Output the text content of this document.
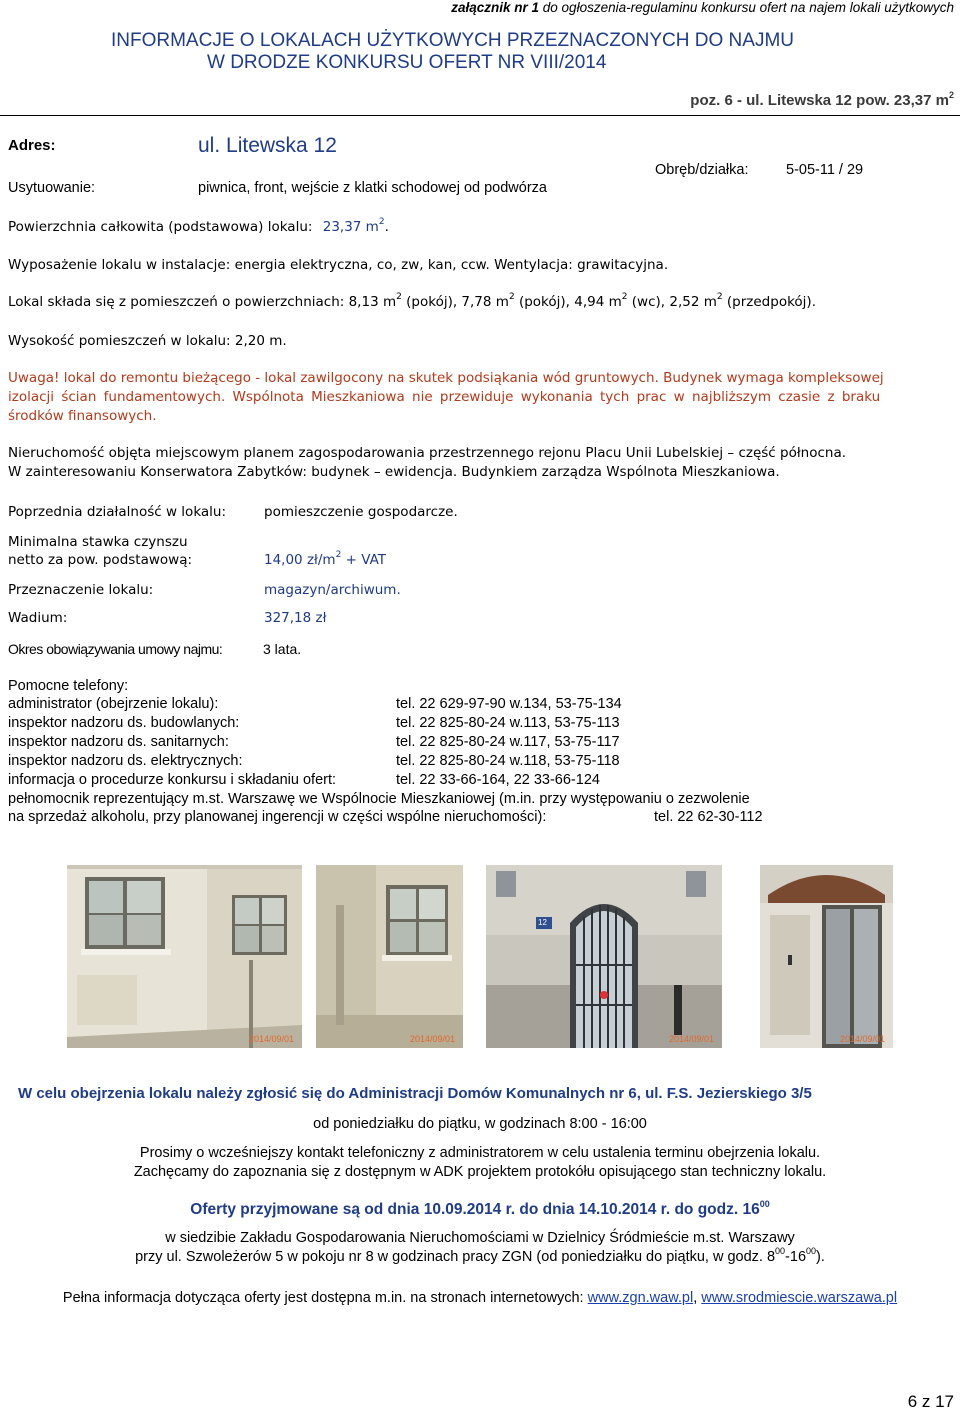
załącznik nr 1 do ogłoszenia-regulaminu konkursu ofert na najem lokali użytkowych
INFORMACJE O LOKALACH UŻYTKOWYCH PRZEZNACZONYCH DO NAJMU
W DRODZE KONKURSU OFERT NR VIII/2014
poz. 6 - ul. Litewska 12 pow. 23,37 $m^2$
Adres:	ul. Litewska 12
Usytuowanie:	piwnica, front, wejście z klatki schodowej od podwórza
Obręb/działka:	5-05-11 / 29
Powierzchnia całkowita (podstawowa) lokalu: 23,37 $m^2$.
Wyposażenie lokalu w instalacje: energia elektryczna, co, zw, kan, ccw. Wentylacja: grawitacyjna.
Lokal składa się z pomieszczeń o powierzchniach: 8,13 $m^2$ (pokój), 7,78 $m^2$ (pokój), 4,94 $m^2$ (wc), 2,52 $m^2$ (przedpokój).
Wysokość pomieszczeń w lokalu: 2,20 m.
Uwaga! lokal do remontu bieżącego - lokal zawilgocony na skutek podsiąkania wód gruntowych. Budynek wymaga kompleksowej
izolacji ścian fundamentowych. Wspólnota Mieszkaniowa nie przewiduje wykonania tych prac w najbliższym czasie z braku
środków finansowych.
Nieruchomość objęta miejscowym planem zagospodarowania przestrzennego rejonu Placu Unii Lubelskiej – część północna.
W zainteresowaniu Konserwatora Zabytków: budynek – ewidencja. Budynkiem zarządza Wspólnota Mieszkaniowa.
Poprzednia działalność w lokalu:	pomieszczenie gospodarcze.
Minimalna stawka czynszu
netto za pow. podstawową:	14,00 $zł/m^2$ + VAT
Przeznaczenie lokalu:	magazyn/archiwum.
Wadium:	327,18 zł
Okres obowiązywania umowy najmu:	3 lata.
Pomocne telefony:
administrator (obejrzenie lokalu):	tel. 22 629-97-90 w.134, 53-75-134
inspektor nadzoru ds. budowlanych:	tel. 22 825-80-24 w.113, 53-75-113
inspektor nadzoru ds. sanitarnych:	tel. 22 825-80-24 w.117, 53-75-117
inspektor nadzoru ds. elektrycznych:	tel. 22 825-80-24 w.118, 53-75-118
informacja o procedurze konkursu i składaniu ofert:	tel. 22 33-66-164, 22 33-66-124
pełnomocnik reprezentujący m.st. Warszawę we Wspólnocie Mieszkaniowej (m.in. przy występowaniu o zezwolenie
na sprzedaż alkoholu, przy planowanej ingerencji w części wspólne nieruchomości):	tel. 22 62-30-112
2014/09/01	2014/09/01
12
2014/09/01	2014/09/01
W celu obejrzenia lokalu należy zgłosić się do Administracji Domów Komunalnych nr 6, ul. F.S. Jezierskiego 3/5
od poniedziałku do piątku, w godzinach 8:00 - 16:00
Prosimy o wcześniejszy kontakt telefoniczny z administratorem w celu ustalenia terminu obejrzenia lokalu.
Zachęcamy do zapoznania się z dostępnym w ADK projektem protokółu opisującego stan techniczny lokalu.
Oferty przyjmowane są od dnia 10.09.2014 r. do dnia 14.10.2014 r. do godz. $16^{00}$
w siedzibie Zakładu Gospodarowania Nieruchomościami w Dzielnicy Śródmieście m.st. Warszawy
przy ul. Szwoleżerów 5 w pokoju nr 8 w godzinach pracy ZGN (od poniedziałku do piątku, w godz. $8^{00}-16^{00}$).
Pełna informacja dotycząca oferty jest dostępna m.in. na stronach internetowych: www.zgn.waw.pl, www.srodmiescie.warszawa.pl
6 z 17
